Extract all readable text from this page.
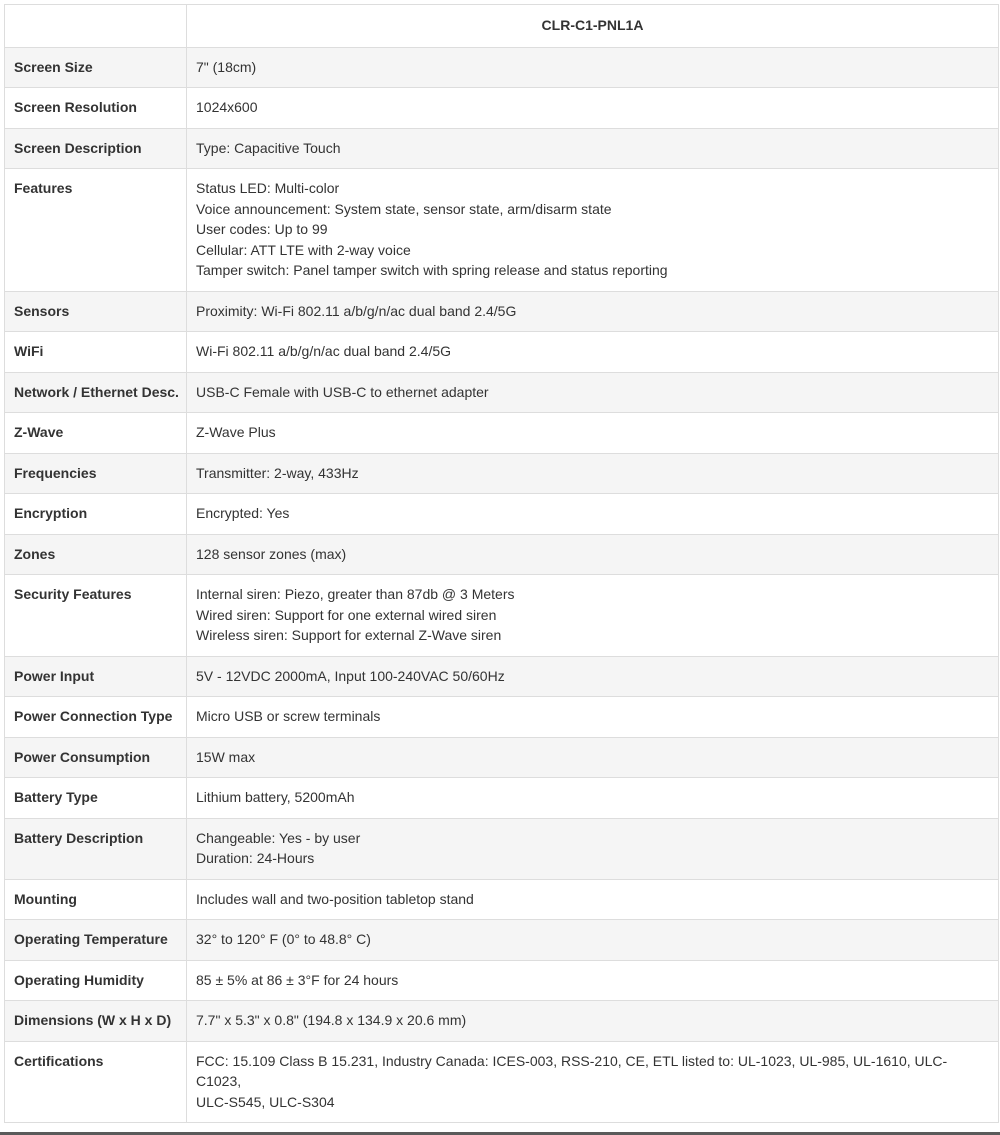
	CLR-C1-PNL1A
Screen Size	7" (18cm)

Screen Resolution	1024x600

Screen Description	Type: Capacitive Touch

Features	Status LED: Multi-color
Voice announcement: System state, sensor state, arm/disarm state
User codes: Up to 99
Cellular: ATT LTE with 2-way voice
Tamper switch: Panel tamper switch with spring release and status reporting

Sensors	Proximity: Wi-Fi 802.11 a/b/g/n/ac dual band 2.4/5G

WiFi	Wi-Fi 802.11 a/b/g/n/ac dual band 2.4/5G

Network / Ethernet Desc.	USB-C Female with USB-C to ethernet adapter

Z-Wave	Z-Wave Plus

Frequencies	Transmitter: 2-way, 433Hz

Encryption	Encrypted: Yes

Zones	128 sensor zones (max)

Security Features	Internal siren: Piezo, greater than 87db @ 3 Meters
Wired siren: Support for one external wired siren
Wireless siren: Support for external Z-Wave siren

Power Input	5V - 12VDC 2000mA, Input 100-240VAC 50/60Hz

Power Connection Type	Micro USB or screw terminals

Power Consumption	15W max

Battery Type	Lithium battery, 5200mAh

Battery Description	Changeable: Yes - by user
Duration: 24-Hours

Mounting	Includes wall and two-position tabletop stand

Operating Temperature	32° to 120° F (0° to 48.8° C)

Operating Humidity	85 ± 5% at 86 ± 3°F for 24 hours

Dimensions (W x H x D)	7.7" x 5.3" x 0.8" (194.8 x 134.9 x 20.6 mm)

Certifications	FCC: 15.109 Class B 15.231, Industry Canada: ICES-003, RSS-210, CE, ETL listed to: UL-1023, UL-985, UL-1610, ULC-C1023,
ULC-S545, ULC-S304
